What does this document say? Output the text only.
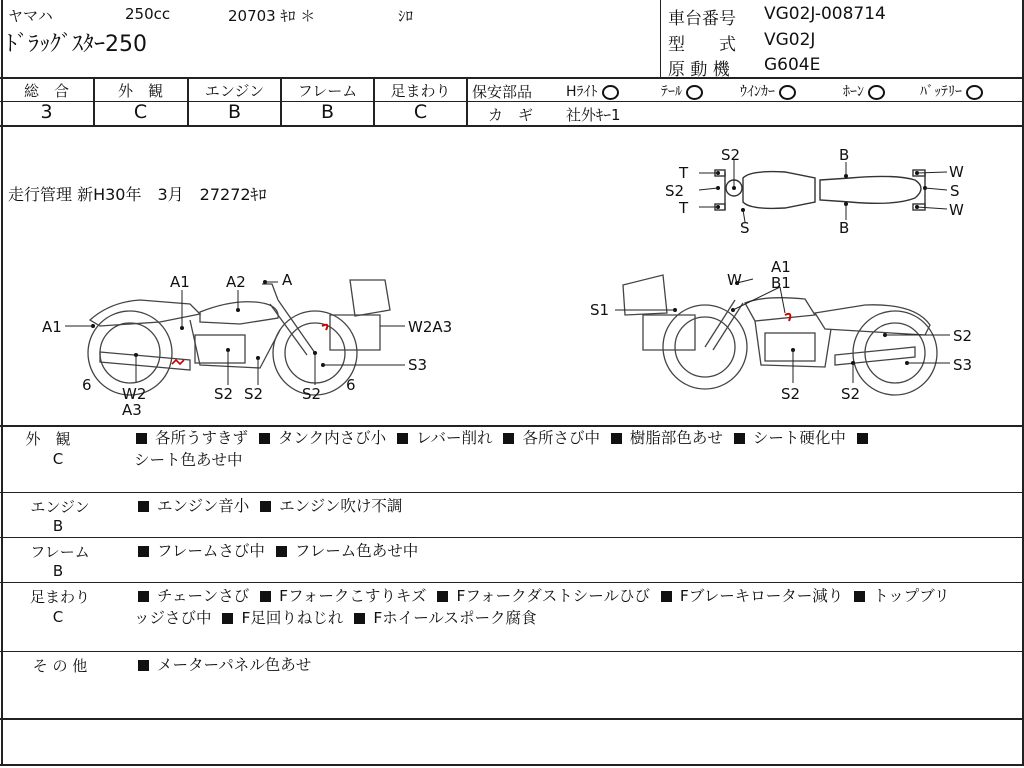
ヤマハ	250cc	20703 ｷﾛ ＊	ｼﾛ
ﾄﾞﾗｯｸﾞｽﾀｰ250
車台番号 VG02J-008714
型　　式 VG02J
原 動 機 G604E
総　合
3
外　観
C
エンジン
B
フレーム
B
足まわり
C
保安部品 Hﾗｲﾄ	ﾃｰﾙ	ｳｲﾝｶｰ	ﾎｰﾝ	ﾊﾞｯﾃﾘｰ
カ　ギ 社外ｷｰ1
走行管理 新H30年　3月　27272ｷﾛ
S2	B
T
S2
T
S	B
W
S
W
A1 A2 A
A1	W2A3
S3
6 W2
A3
S2 S2	S2 6
W
A1
B1
S1
S2
S3
S2	S2
外　観
C
各所うすきず タンク内さび小 レバー削れ 各所さび中 樹脂部色あせ シート硬化中
シート色あせ中
エンジン
B
エンジン音小 エンジン吹け不調
フレーム
B
フレームさび中 フレーム色あせ中
足まわり
C
チェーンさび Fフォークこすりキズ Fフォークダストシールひび Fブレーキローター減り トップブリ
ッジさび中 F足回りねじれ Fホイールスポーク腐食
そ の 他	メーターパネル色あせ
